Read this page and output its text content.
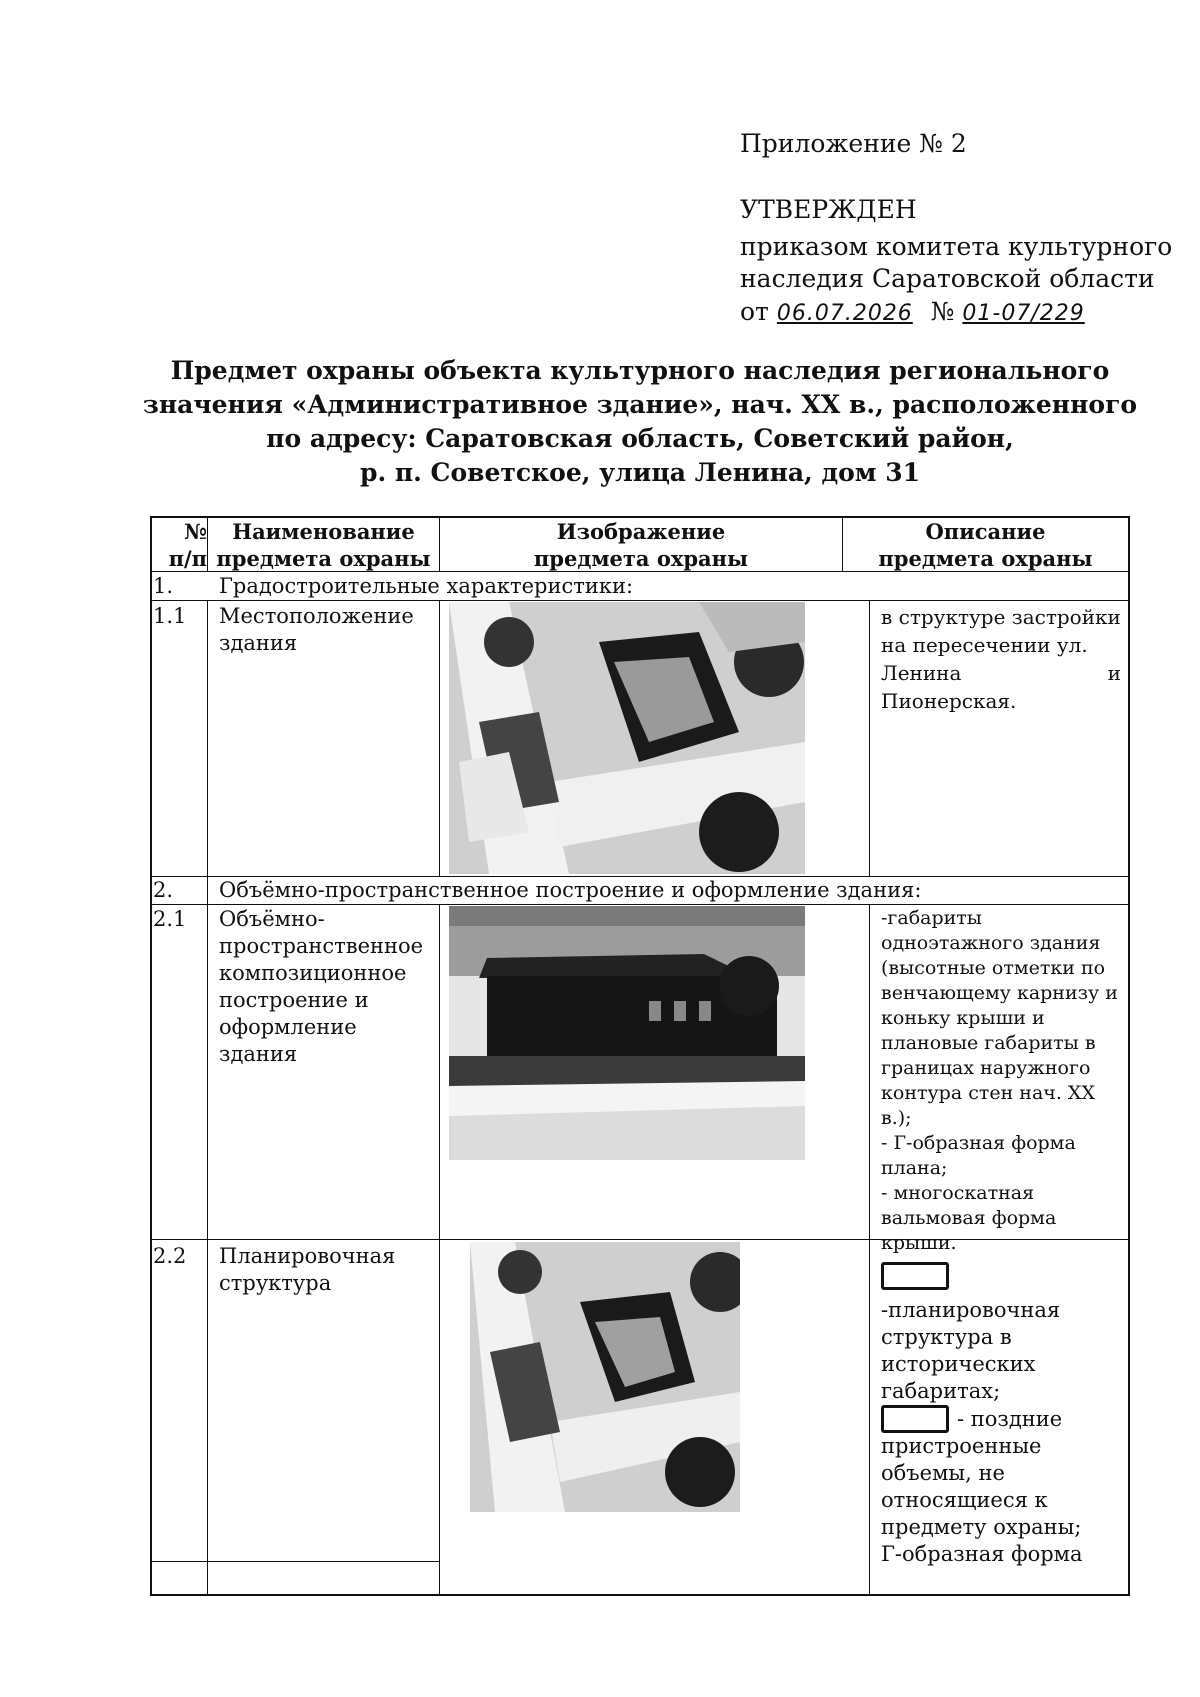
Приложение № 2
УТВЕРЖДЕН
приказом комитета культурного
наследия Саратовской области
от 06.07.2026 № 01-07/229
Предмет охраны объекта культурного наследия регионального
значения «Административное здание», нач. XX в., расположенного
по адресу: Саратовская область, Советский район,
р. п. Советское, улица Ленина, дом 31
№
п/п
Наименование
предмета охраны
Изображение
предмета охраны
Описание
предмета охраны
1. Градостроительные характеристики:
1.1 Местоположение здания
в структуре застройки
на пересечении ул.
Ленина и Пионерская.
2. Объёмно-пространственное построение и оформление здания:
2.1 Объёмно-
пространственное
композиционное
построение и
оформление здания
-габариты
одноэтажного здания
(высотные отметки по
венчающему карнизу и
коньку крыши и
плановые габариты в
границах наружного
контура стен нач. XX
в.);
- Г-образная форма
плана;
- многоскатная
вальмовая форма крыши.
2.2 Планировочная
структура
-планировочная
структура в
исторических
габаритах;
- поздние
пристроенные
объемы, не
относящиеся к
предмету охраны;
Г-образная форма
